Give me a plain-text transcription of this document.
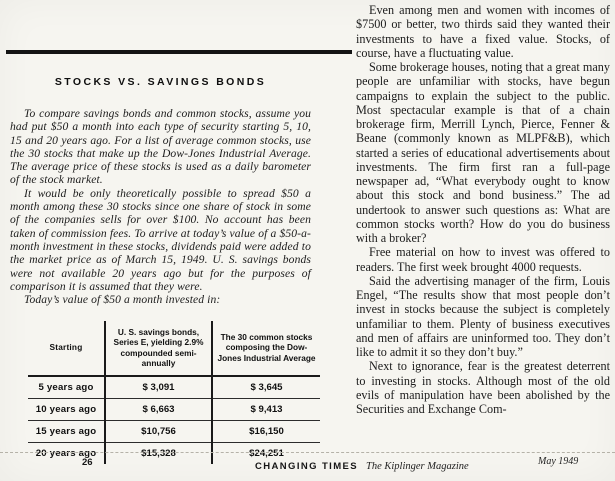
STOCKS VS. SAVINGS BONDS

To compare savings bonds and common stocks, assume you had put $50 a month into each type of security starting 5, 10, 15 and 20 years ago. For a list of average common stocks, use the 30 stocks that make up the Dow-Jones Industrial Average. The average price of these stocks is used as a daily barometer of the stock market.

It would be only theoretically possible to spread $50 a month among these 30 stocks since one share of stock in some of the companies sells for over $100. No account has been taken of commission fees. To arrive at today’s value of a $50-a-month investment in these stocks, dividends paid were added to the market price as of March 15, 1949. U. S. savings bonds were not available 20 years ago but for the purposes of comparison it is assumed that they were.

Today’s value of $50 a month invested in:

Starting	U. S. savings bonds, Series E, yielding 2.9% compounded semi-annually	The 30 common stocks composing the Dow-Jones Industrial Average
5 years ago	$ 3,091	$ 3,645
10 years ago	$ 6,663	$ 9,413
15 years ago	$10,756	$16,150
20 years ago	$15,328	$24,251

Even among men and women with incomes of $7500 or better, two thirds said they wanted their investments to have a fixed value. Stocks, of course, have a fluctuating value.

Some brokerage houses, noting that a great many people are unfamiliar with stocks, have begun campaigns to explain the subject to the public. Most spectacular example is that of a chain brokerage firm, Merrill Lynch, Pierce, Fenner & Beane (commonly known as MLPF&B), which started a series of educational advertisements about investments. The firm first ran a full-page newspaper ad, “What everybody ought to know about this stock and bond business.” The ad undertook to answer such questions as: What are common stocks worth? How do you do business with a broker?

Free material on how to invest was offered to readers. The first week brought 4000 requests.

Said the advertising manager of the firm, Louis Engel, “The results show that most people don’t invest in stocks because the subject is completely unfamiliar to them. Plenty of business executives and men of affairs are uninformed too. They don’t like to admit it so they don’t buy.”

Next to ignorance, fear is the greatest deterrent to investing in stocks. Although most of the old evils of manipulation have been abolished by the Securities and Exchange Com-

26	CHANGING TIMES The Kiplinger Magazine	May 1949
